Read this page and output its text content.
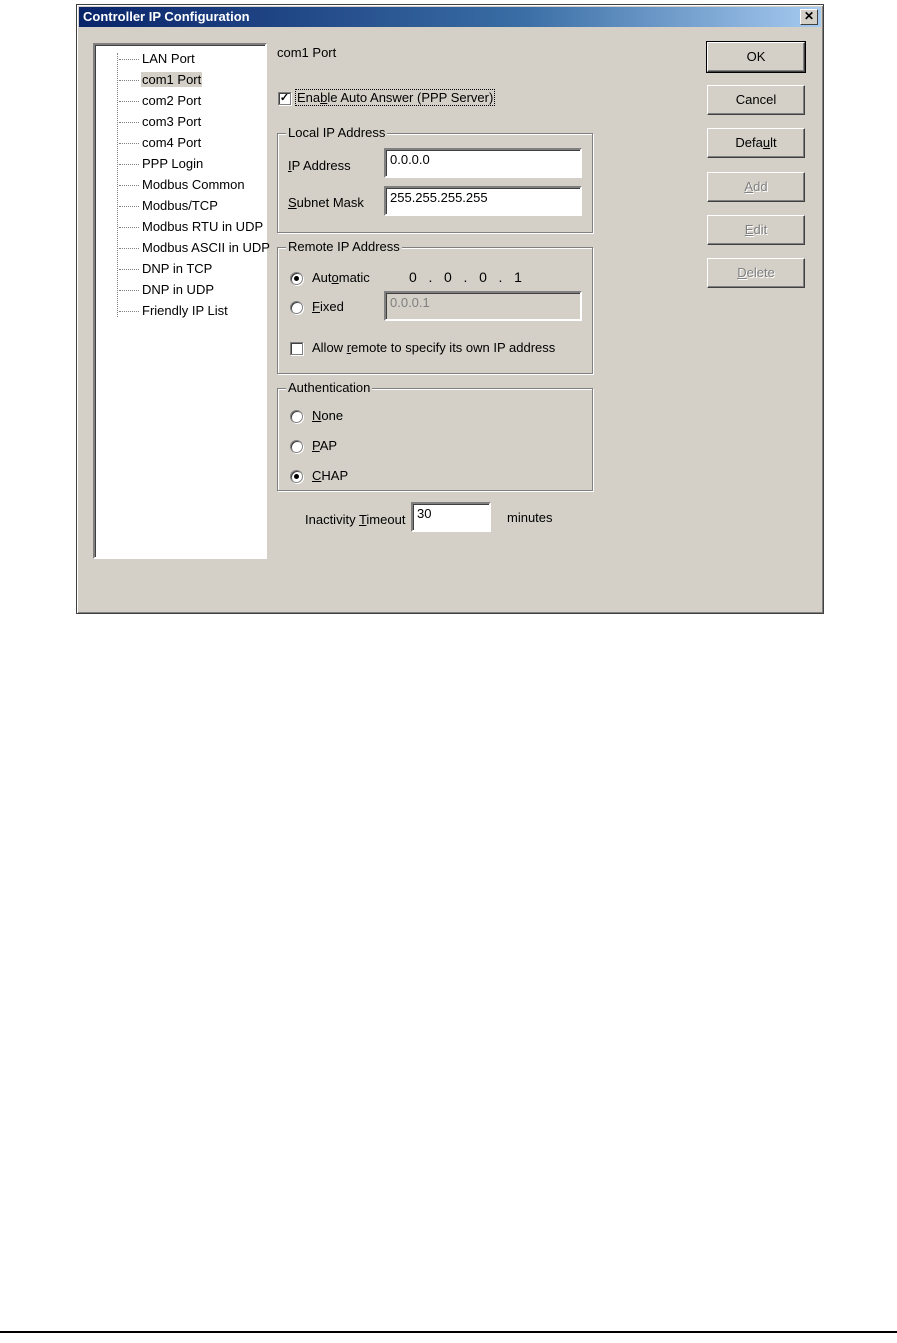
Controller IP Configuration	✕
LAN Port
com1 Port
com2 Port
com3 Port
com4 Port
PPP Login
Modbus Common
Modbus/TCP
Modbus RTU in UDP
Modbus ASCII in UDP
DNP in TCP
DNP in UDP
Friendly IP List
com1 Port
✓ Enable Auto Answer (PPP Server)
Local IP Address
IP Address	0.0.0.0
Subnet Mask	255.255.255.255
Remote IP Address
Automatic	0 . 0 . 0 . 1
Fixed	0.0.0.1
Allow remote to specify its own IP address
Authentication
None
PAP
CHAP
Inactivity Timeout 30	minutes
OK
Cancel
Default
Add
Edit
Delete
